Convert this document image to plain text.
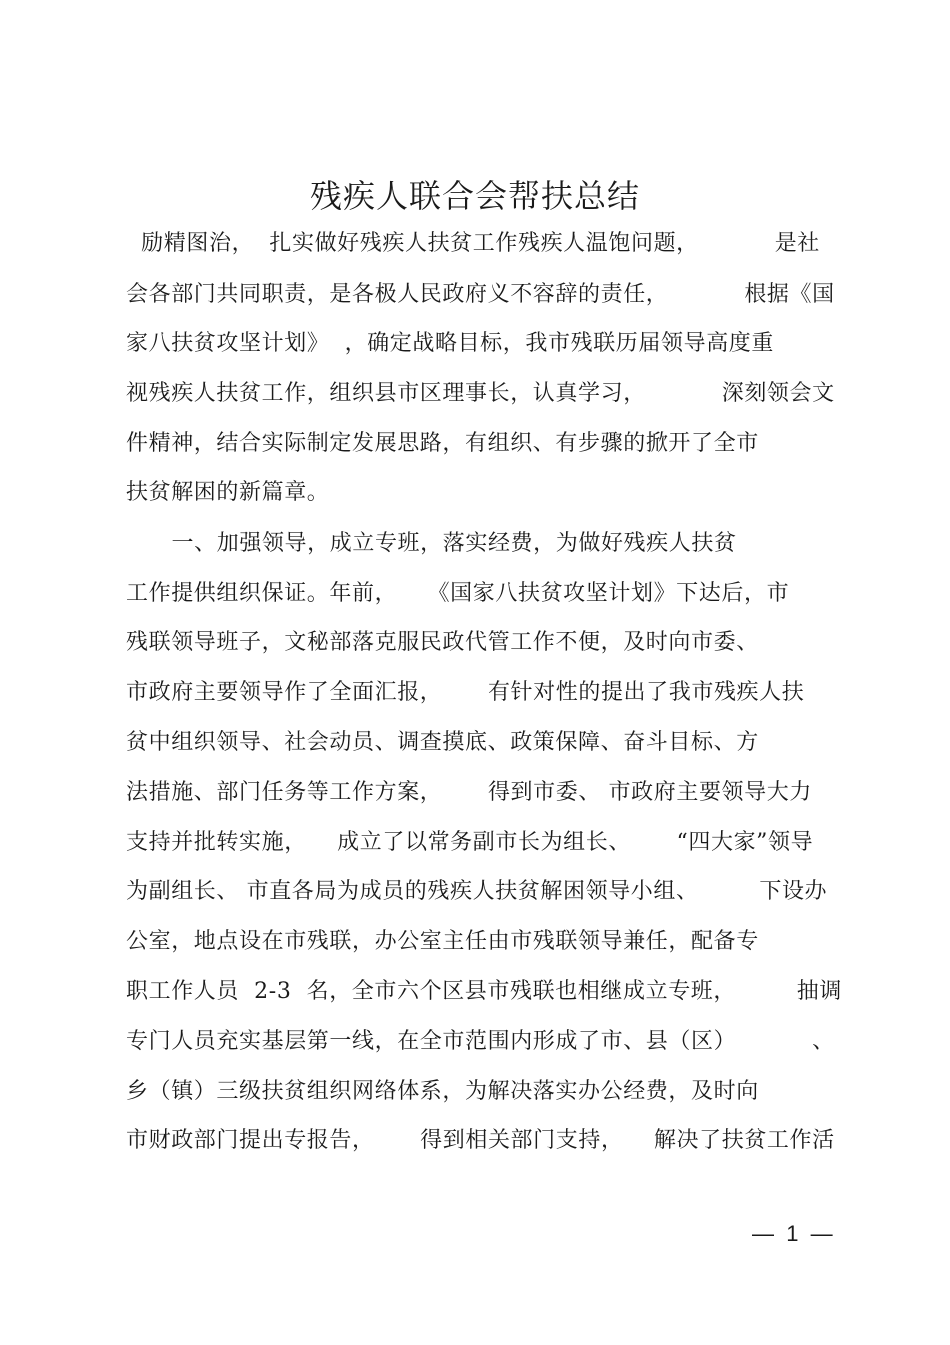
残疾人联合会帮扶总结
励精图治，  扎实做好残疾人扶贫工作残疾人温饱问题，          是社
会各部门共同职责，是各极人民政府义不容辞的责任，          根据《国
家八扶贫攻坚计划》  ，确定战略目标，我市残联历届领导高度重
视残疾人扶贫工作，组织县市区理事长，认真学习，          深刻领会文
件精神，结合实际制定发展思路，有组织、有步骤的掀开了全市
扶贫解困的新篇章。
一、加强领导，成立专班，落实经费，为做好残疾人扶贫
工作提供组织保证。年前，    《国家八扶贫攻坚计划》下达后，市
残联领导班子，文秘部落克服民政代管工作不便，及时向市委、
市政府主要领导作了全面汇报，      有针对性的提出了我市残疾人扶
贫中组织领导、社会动员、调查摸底、政策保障、奋斗目标、方
法措施、部门任务等工作方案，      得到市委、 市政府主要领导大力
支持并批转实施，    成立了以常务副市长为组长、      “四大家”领导
为副组长、 市直各局为成员的残疾人扶贫解困领导小组、        下设办
公室，地点设在市残联，办公室主任由市残联领导兼任，配备专
职工作人员  2-3  名，全市六个区县市残联也相继成立专班，        抽调
专门人员充实基层第一线，在全市范围内形成了市、县（区）          、
乡（镇）三级扶贫组织网络体系，为解决落实办公经费，及时向
市财政部门提出专报告，      得到相关部门支持，    解决了扶贫工作活
—  1  —
